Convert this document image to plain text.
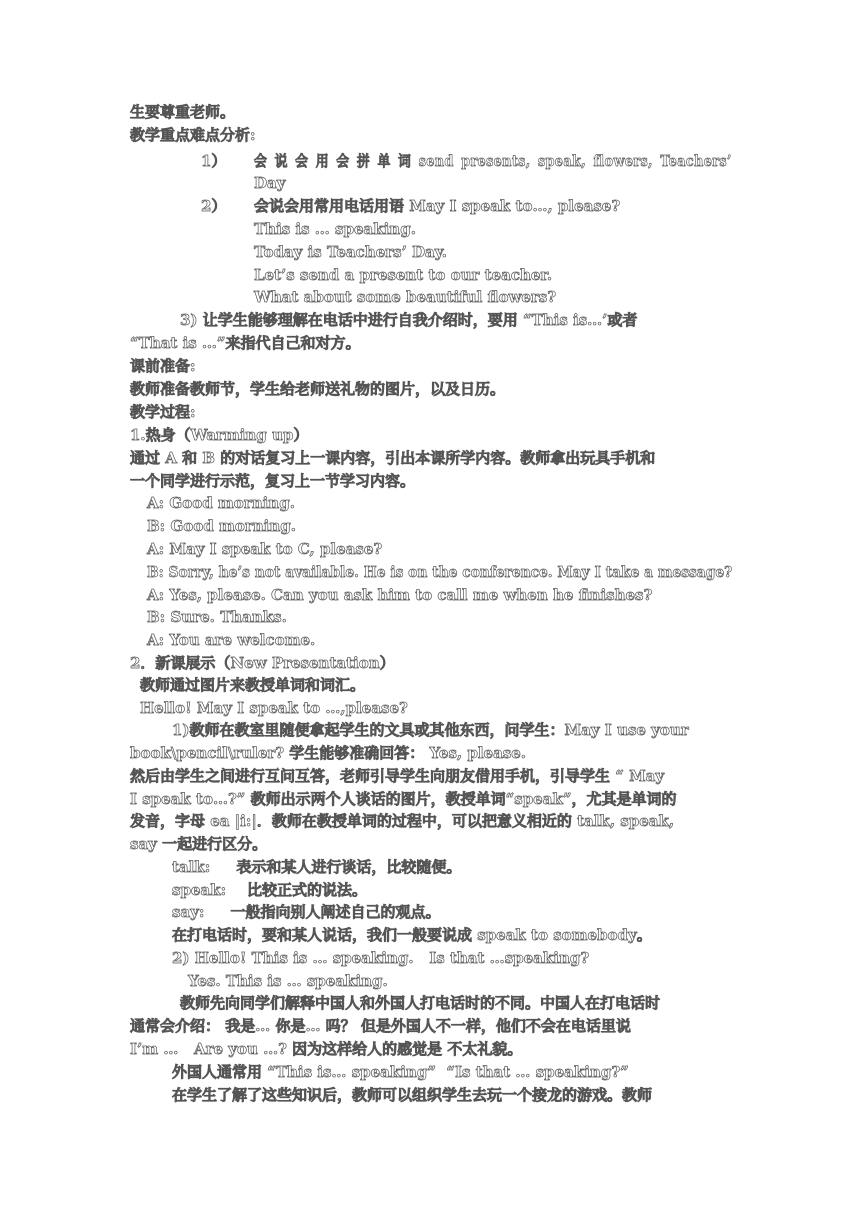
生要尊重老师。
教学重点难点分析:
1） 会 说 会 用 会 拼 单 词 send presents, speak, flowers, Teachers’
Day
2） 会说会用常用电话用语 May I speak to…, please?
This is … speaking.
Today is Teachers’ Day.
Let’s send a present to our teacher.
What about some beautiful flowers?
3) 让学生能够理解在电话中进行自我介绍时，要用 “This is…’或者
“That is …”来指代自己和对方。
课前准备:
教师准备教师节，学生给老师送礼物的图片，以及日历。
教学过程:
1.热身（Warming up）
通过 A 和 B 的对话复习上一课内容，引出本课所学内容。教师拿出玩具手机和
一个同学进行示范，复习上一节学习内容。
A: Good morning.
B: Good morning.
A: May I speak to C, please?
B: Sorry, he’s not available. He is on the conference. May I take a message?
A: Yes, please. Can you ask him to call me when he finishes?
B: Sure. Thanks.
A: You are welcome.
2．新课展示（New Presentation）
教师通过图片来教授单词和词汇。
Hello! May I speak to …,please?
1)教师在教室里随便拿起学生的文具或其他东西，问学生：May I use your
book\pencil\ruler? 学生能够准确回答： Yes, please.
然后由学生之间进行互问互答，老师引导学生向朋友借用手机，引导学生 “ May
I speak to…?” 教师出示两个人谈话的图片，教授单词“speak”，尤其是单词的
发音，字母 ea |i:|．教师在教授单词的过程中，可以把意义相近的 talk, speak,
say 一起进行区分。
talk:     表示和某人进行谈话，比较随便。
speak:    比较正式的说法。
say:     一般指向别人阐述自己的观点。
在打电话时，要和某人说话，我们一般要说成 speak to somebody。
2) Hello! This is … speaking.   Is that …speaking?
Yes. This is … speaking.
教师先向同学们解释中国人和外国人打电话时的不同。中国人在打电话时
通常会介绍： 我是… 你是… 吗？ 但是外国人不一样，他们不会在电话里说
I’m …   Are you …? 因为这样给人的感觉是 不太礼貌。
外国人通常用 “This is… speaking”  “Is that … speaking?”
在学生了解了这些知识后，教师可以组织学生去玩一个接龙的游戏。教师
